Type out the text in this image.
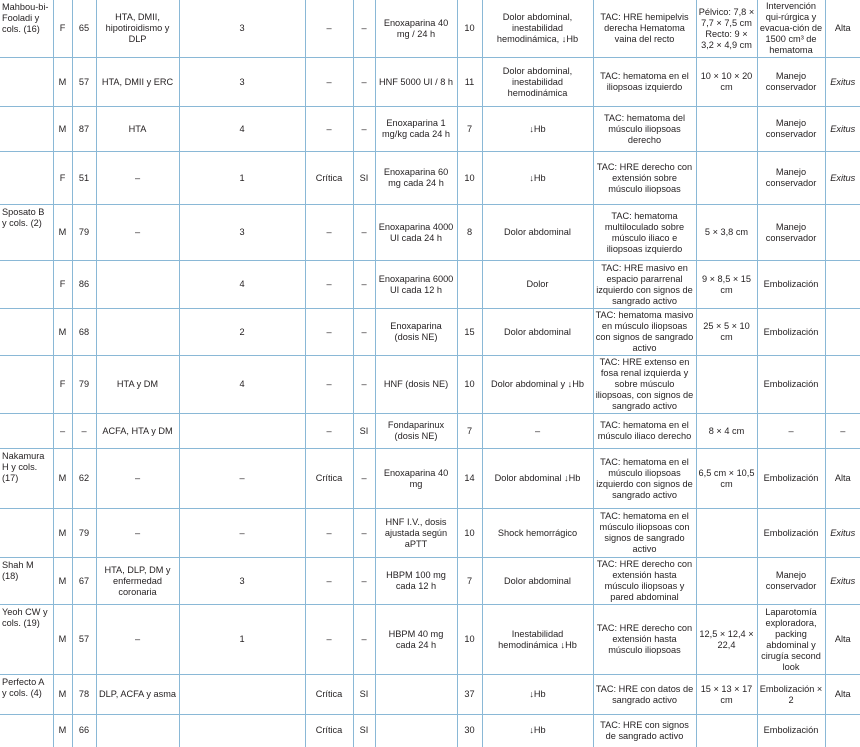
Mahbou-bi-Fooladi y cols. (16)	F	65	HTA, DMII, hipotiroidismo y DLP	3	–	–	Enoxaparina 40 mg / 24 h	10	Dolor abdominal, inestabilidad hemodinámica, ↓Hb	TAC: HRE hemipelvis derecha Hematoma vaina del recto	Pélvico: 7,8 × 7,7 × 7,5 cm Recto: 9 × 3,2 × 4,9 cm	Intervención qui-rúrgica y evacua-ción de 1500 cm³ de hematoma	Alta
	M	57	HTA, DMII y ERC	3	–	–	HNF 5000 UI / 8 h	11	Dolor abdominal, inestabilidad hemodinámica	TAC: hematoma en el iliopsoas izquierdo	10 × 10 × 20 cm	Manejo conservador	Exitus
	M	87	HTA	4	–	–	Enoxaparina 1 mg/kg cada 24 h	7	↓Hb	TAC: hematoma del músculo iliopsoas derecho		Manejo conservador	Exitus
	F	51	–	1	Crítica	SI	Enoxaparina 60 mg cada 24 h	10	↓Hb	TAC: HRE derecho con extensión sobre músculo iliopsoas		Manejo conservador	Exitus
Sposato B y cols. (2)	M	79	–	3	–	–	Enoxaparina 4000 UI cada 24 h	8	Dolor abdominal	TAC: hematoma multiloculado sobre músculo iliaco e iliopsoas izquierdo	5 × 3,8 cm	Manejo conservador	
	F	86		4	–	–	Enoxaparina 6000 UI cada 12 h		Dolor	TAC: HRE masivo en espacio pararrenal izquierdo con signos de sangrado activo	9 × 8,5 × 15 cm	Embolización	
	M	68		2	–	–	Enoxaparina (dosis NE)	15	Dolor abdominal	TAC: hematoma masivo en músculo iliopsoas con signos de sangrado activo	25 × 5 × 10 cm	Embolización	
	F	79	HTA y DM	4	–	–	HNF (dosis NE)	10	Dolor abdominal y ↓Hb	TAC: HRE extenso en fosa renal izquierda y sobre músculo iliopsoas, con signos de sangrado activo		Embolización	
	–	–	ACFA, HTA y DM		–	SI	Fondaparinux (dosis NE)	7	–	TAC: hematoma en el músculo iliaco derecho	8 × 4 cm	–	–
Nakamura H y cols. (17)	M	62	–	–	Crítica	–	Enoxaparina 40 mg	14	Dolor abdominal ↓Hb	TAC: hematoma en el músculo iliopsoas izquierdo con signos de sangrado activo	6,5 cm × 10,5 cm	Embolización	Alta
	M	79	–	–	–	–	HNF I.V., dosis ajustada según aPTT	10	Shock hemorrágico	TAC: hematoma en el músculo iliopsoas con signos de sangrado activo		Embolización	Exitus
Shah M (18)	M	67	HTA, DLP, DM y enfermedad coronaria	3	–	–	HBPM 100 mg cada 12 h	7	Dolor abdominal	TAC: HRE derecho con extensión hasta músculo iliopsoas y pared abdominal		Manejo conservador	Exitus
Yeoh CW y cols. (19)	M	57	–	1	–	–	HBPM 40 mg cada 24 h	10	Inestabilidad hemodinámica ↓Hb	TAC: HRE derecho con extensión hasta músculo iliopsoas	12,5 × 12,4 × 22,4	Laparotomía exploradora, packing abdominal y cirugía second look	Alta
Perfecto A y cols. (4)	M	78	DLP, ACFA y asma		Crítica	SI		37	↓Hb	TAC: HRE con datos de sangrado activo	15 × 13 × 17 cm	Embolización × 2	Alta
	M	66			Crítica	SI		30	↓Hb	TAC: HRE con signos de sangrado activo		Embolización	
